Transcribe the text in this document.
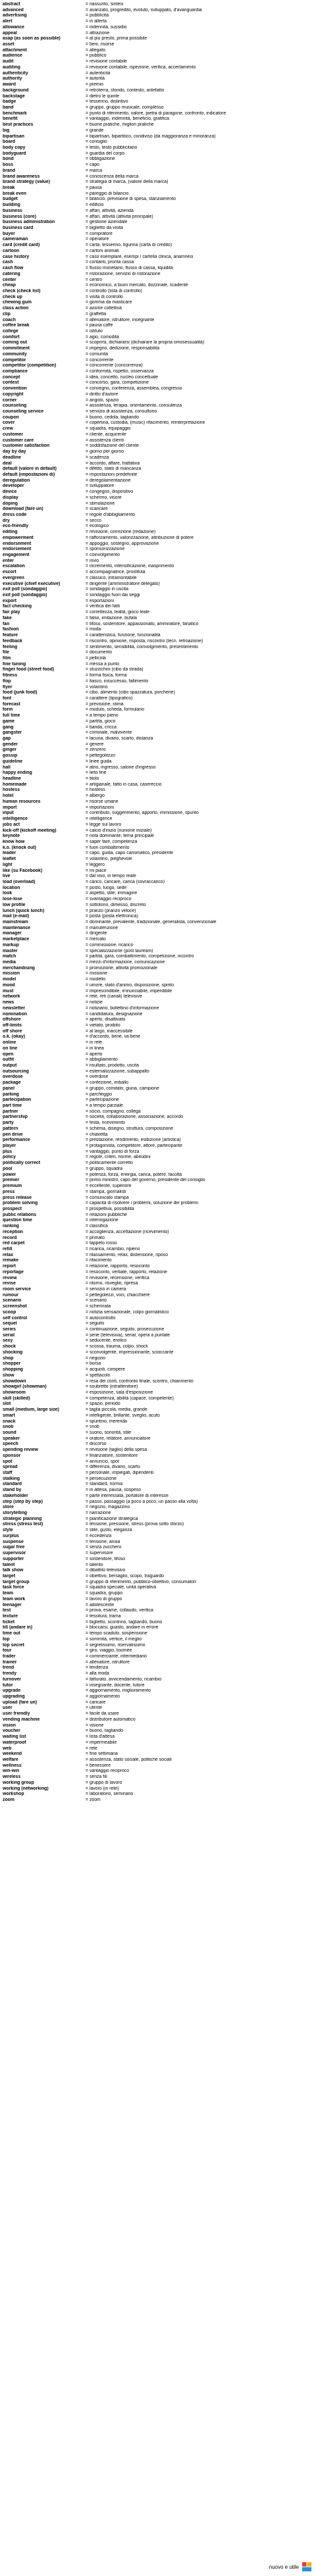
abstract	= riassunto, sintesi
advanced	= avanzato, progredito, evoluto, sviluppato, d'avanguardia
advertising	= pubblicità
alert	= in allerta
allowance	= indennità, sussidio
appeal	= attrazione
asap (as soon as possible)	= al più presto, prima possibile
asset	= beni, risorse
attachment	= allegato
audience	= pubblico
audit	= revisione contabile
auditing	= revisione contabile, ispezione, verifica, accertamento
authenticity	= autenticità
authority	= autorità
award	= premio
background	= retroterra, sfondo, contesto, antefatto
backstage	= dietro le quinte
badge	= tesserino, distintivo
band	= gruppo, gruppo musicale, complesso
benchmark	= punto di riferimento, valore, pietra di paragone, confronto, indicatore
benefit	= vantaggio, indennità, beneficio, gratifica
best practices	= buone pratiche, migliori pratiche
big	= grande
bipartisan	= bipartisan, bipartitico, condiviso (da maggioranza e minoranza)
board	= consiglio
body copy	= testo, testo pubblicitario
bodyguard	= guardia del corpo
bond	= obbligazione
boss	= capo
brand	= marca
brand awareness	= conoscenza della marca
brand strategy (value)	= strategia di marca, (valore della marca)
break	= pausa
break even	= pareggio di bilancio
budget	= bilancio, previsione di spesa, stanziamento
building	= edificio
business	= affari, attività, azienda
business (core)	= affari, attività (attività principale)
business administration	= gestione aziendale
business card	= biglietto da visita
buyer	= compratore
cameraman	= operatore
card (credit card)	= carta, tesserino, figurina (carta di credito)
cartoon	= cartoni animati
case history	= caso esemplare, esempi / cartella clinica, anamnesi
cash	= contanti, pronta cassa
cash flow	= flusso monetario, flusso di cassa, liquidità
catering	= ristorazione, servizio di ristorazione
center	= centro
cheap	= economico, a buon mercato, dozzinale, scadente
check (check list)	= controllo (lista di controllo)
check up	= visita di controllo
chewing gum	= gomma da masticare
class action	= azione collettiva
clip	= graffetta
coach	= allenatore, istruttore, insegnante
coffee break	= pausa caffè
college	= istituto
comfort	= agio, comodità
coming out	= scoprirsi, dichiararsi (dichiarare la propria omosessualità)
commitment	= impegno, dedizione, responsabilità
community	= comunità
competitor	= concorrente
competitor (competition)	= concorrente (concorrenza)
compliance	= conformità, rispetto, osservanza
concept	= idea, concetto, nucleo concettuale
contest	= concorso, gara, competizione
convention	= convegno, conferenza, assemblea, congresso
copyright	= diritto d'autore
corner	= angolo, spazio
counseling	= assistenza, terapia, orientamento, consulenza
counseling service	= servizio di assistenza, consultorio
coupon	= buono, cedola, tagliando
cover	= copertina, custodia, (music) rifacimento, reinterpretazione
crew	= squadra, equipaggio
customer	= cliente, acquirente
customer care	= assistenza clienti
customer satisfaction	= soddisfazione del cliente
day by day	= giorno per giorno
deadline	= scadenza
deal	= accordo, affare, trattativa
default (valore in default)	= difetto, stato di mancanza
default (impostazioni di)	= impostazioni predefinite
deregulation	= deregolamentazione
developer	= sviluppatore
device	= congegno, dispositivo
display	= schermo, visore
doping	= stimolazione
download (fare un)	= scaricare
dress code	= regole d'abbigliamento
dry	= secco
eco-friendly	= ecologico
editing	= revisione, correzione (redazione)
empowerment	= rafforzamento, valorizzazione, attribuzione di potere
endorsement	= appoggio, sostegno, approvazione
endorsement	= sponsorizzazione
engagement	= coinvolgimento
enter	= invio
escalation	= incremento, intensificazione, inasprimento
escort	= accompagnatrice, prostituta
evergreen	= classico, intramontabile
executive (chief executive)	= dirigente (amministratore delegato)
exit poll (sondaggio)	= sondaggio in uscita
exit poll (sondaggio)	= sondaggio fuori dai seggi
export	= esportazioni
fact checking	= verifica dei fatti
fair play	= correttezza, lealtà, gioco leale
fake	= falso, imitazione, bufala
fan	= tifoso, sostenitore, appassionato, ammiratore, fanatico
fashion	= moda
feature	= caratteristica, funzione, funzionalità
feedback	= riscontro, opinione, risposta, riscontro (tecn. retroazione)
feeling	= sentimento, sensibilità, coinvolgimento, presentimento
file	= documento
film	= pellicola
fine tuning	= messa a punto
finger food (street food)	= stuzzichini (cibo da strada)
fitness	= forma fisica, forma
flop	= fiasco, insuccesso, fallimento
flyer	= volantino
food (junk food)	= cibo, alimento (cibo spazzatura, porcherie)
font	= carattere (tipografico)
forecast	= previsione, stima
form	= modulo, scheda, formulario
full time	= a tempo pieno
game	= partita, gioco
gang	= banda, cricca
gangster	= criminale, malvivente
gap	= lacuna, divario, scarto, distanza
gender	= genere
ginger	= zenzero
gossip	= pettegolezzo
guideline	= linee guida
hall	= atrio, ingresso, salone d'ingresso
happy ending	= lieto fine
headline	= titolo
homemade	= artigianale, fatto in casa, casereccio
hostess	= hostess
hotel	= albergo
human resources	= risorse umane
import	= importazioni
input	= contributo, suggerimento, apporto, immissione, spunto
intelligence	= intelligence
jobs act	= legge sul lavoro
kick-off (kickoff meeting)	= calcio d'inizio (riunione iniziale)
keynote	= nota dominante, tema principale
know how	= saper fare, competenza
k.o. (knock out)	= fuori combattimento
leader	= capo, guida, capo carismatico, presidente
leaflet	= volantino, pieghevole
light	= leggero
like (su Facebook)	= mi piace
live	= dal vivo, in tempo reale
load (overload)	= carico, caricare, carica (sovraccarico)
location	= posto, luogo, sede
look	= aspetto, stile, immagine
lose-lose	= svantaggio reciproco
low profile	= sottotono, dimesso, discreto
lunch (quick lunch)	= pranzo (pranzo veloce)
mail (e-mail)	= posta (posta elettronica)
mainstream	= dominante, prevalente, tradizionale, generalista, convenzionale
maintenance	= manutenzione
manager	= dirigente
marketplace	= mercato
markup	= commissione, ricarico
master	= specializzazione (post lauream)
match	= partita, gara, combattimento, competizione, incontro
media	= mezzi d'informazione, comunicazione
merchandising	= promozione, attività promozionale
mission	= missione
model	= modello
mood	= umore, stato d'animo, disposizione, spirito
must	= imprescindibile, irrinunciabile, imperdibile
network	= rete, reti (canali) televisive
news	= notizie
newsletter	= notiziario, bollettino d'informazione
nomination	= candidatura, designazione
offshore	= aperto, disattivato
off-limits	= vietato, proibito
off shore	= al largo, inaccessibile
o.k. (okay)	= d'accordo, bene, va bene
online	= in rete
on line	= in linea
open	= aperto
outfit	= abbigliamento
output	= risultato, prodotto, uscita
outsourcing	= esternalizzazione, subappalto
overdose	= overdose
package	= confezione, imballo
panel	= gruppo, comitato, giuria, campione
parking	= parcheggio
partecipation	= partecipazione
part time	= a tempo parziale
partner	= socio, compagno, collega
partnership	= società, collaborazione, associazione, accordo
party	= festa, ricevimento
pattern	= schema, disegno, struttura, composizione
pen drive	= chiavetta
performance	= prestazione, rendimento, esibizione (artistica)
player	= protagonista, competitore, attore, partecipante
plus	= vantaggio, punto di forza
policy	= regole, criteri, norme, abitudini
politically correct	= politicamente corretto
pool	= gruppo, squadra
power	= potenza, forza, energia, carica, potere, facoltà
premier	= primo ministro, capo del governo, presidente del consiglio
premium	= eccellente, superiore
press	= stampa, giornalisti
press release	= comunicato stampa
problem solving	= capacità di risolvere i problemi, soluzione dei problemi
prospect	= prospettiva, possibilità
public relations	= relazioni pubbliche
question time	= interrogazione
ranking	= classifica
reception	= accoglienza, accettazione (ricevimento)
record	= primato
red carpet	= tappeto rosso
refill	= ricarica, ricambio, ripieno
relax	= rilassamento, relax, distensione, riposo
remake	= rifacimento
report	= relazione, rapporto, resoconto
reportage	= resoconto, verbale, rapporto, relazione
review	= revisione, recensione, verifica
revise	= ritorno, risveglio, ripresa
room service	= servizio in camera
rumour	= pettegolezzi, voci, chiacchiere
scenario	= scenario
screenshot	= schermata
scoop	= notizia sensazionale, colpo giornalistico
self control	= autocontrollo
sequel	= seguito
series	= continuazione, seguito, prosecuzione
serial	= serie (televisiva), serial, opera a puntate
sexy	= seducente, erotico
shock	= scossa, trauma, colpo, shock
shocking	= sconvolgente, impressionante, scioccante
shop	= negozio
shopper	= borsa
shopping	= acquisti, compere
show	= spettacolo
showdown	= resa dei conti, confronto finale, scontro, chiarimento
showgirl (showman)	= soubrette (intrattenitore)
showroom	= esposizione, sala d'esposizione
skill (skilled)	= competenza, abilità (capace, competente)
slot	= spazio, periodo
small (medium, large size)	= taglia piccola, media, grande
smart	= intelligente, brillante, sveglio, acuto
snack	= spuntino, merenda
snob	= snob
sound	= suono, sonorità, stile
speaker	= oratore, relatore, annunciatore
speech	= discorso
spending review	= revisione (taglio) della spesa
sponsor	= finanziatore, sostenitore
spot	= annuncio, spot
spread	= differenza, divario, scarto
staff	= personale, impiegati, dipendenti
stalking	= persecuzione
standard	= standard, norma
stand by	= in attesa, pausa, sospeso
stakeholder	= parte interessata, portatore di interesse
step (step by step)	= passo, passaggio (a poco a poco, un passo alla volta)
store	= negozio, magazzino
storytelling	= narrazione
strategic planning	= pianificazione strategica
stress (stress test)	= tensione, pressione, stress (prova sotto sforzo)
style	= stile, gusto, eleganza
surplus	= eccedenza
suspense	= tensione, ansia
sugar free	= senza zucchero
supervisor	= supervisore
supporter	= sostenitore, tifoso
talent	= talento
talk show	= dibattito televisivo
target	= obiettivo, bersaglio, scopo, traguardo
target group	= gruppo di riferimento, pubblico-obiettivo, consumatori
task force	= squadra speciale, unità operativa
team	= squadra, gruppo
team work	= lavoro di gruppo
teenager	= adolescente
test	= prova, esame, collaudo, verifica
texture	= tessitura, trama
ticket	= biglietto, scontrino, tagliando, buono
till (andare in)	= bloccarsi, guasto, andare in errore
time out	= tempo scaduto, sospensione
top	= sommità, vertice, il meglio
top secret	= segretissimo, riservatissimo
tour	= giro, viaggio, tournée
trader	= commerciante, intermediario
trainer	= allenatore, istruttore
trend	= tendenza
trendy	= alla moda
turnover	= fatturato, avvicendamento, ricambio
tutor	= insegnante, docente, tutore
upgrade	= aggiornamento, miglioramento
upgrading	= aggiornamento
upload (fare un)	= caricare
user	= utente
user friendly	= facile da usare
vending machine	= distributore automatico
vision	= visione
voucher	= buono, tagliando
waiting list	= lista d'attesa
waterproof	= impermeabile
web	= rete
weekend	= fine settimana
welfare	= assistenza, stato sociale, politiche sociali
wellness	= benessere
win-win	= vantaggio reciproco
wireless	= senza fili
working group	= gruppo di lavoro
working (networking)	= lavoro (in rete)
workshop	= laboratorio, seminario
zoom	= zoom
nuovo e utile
